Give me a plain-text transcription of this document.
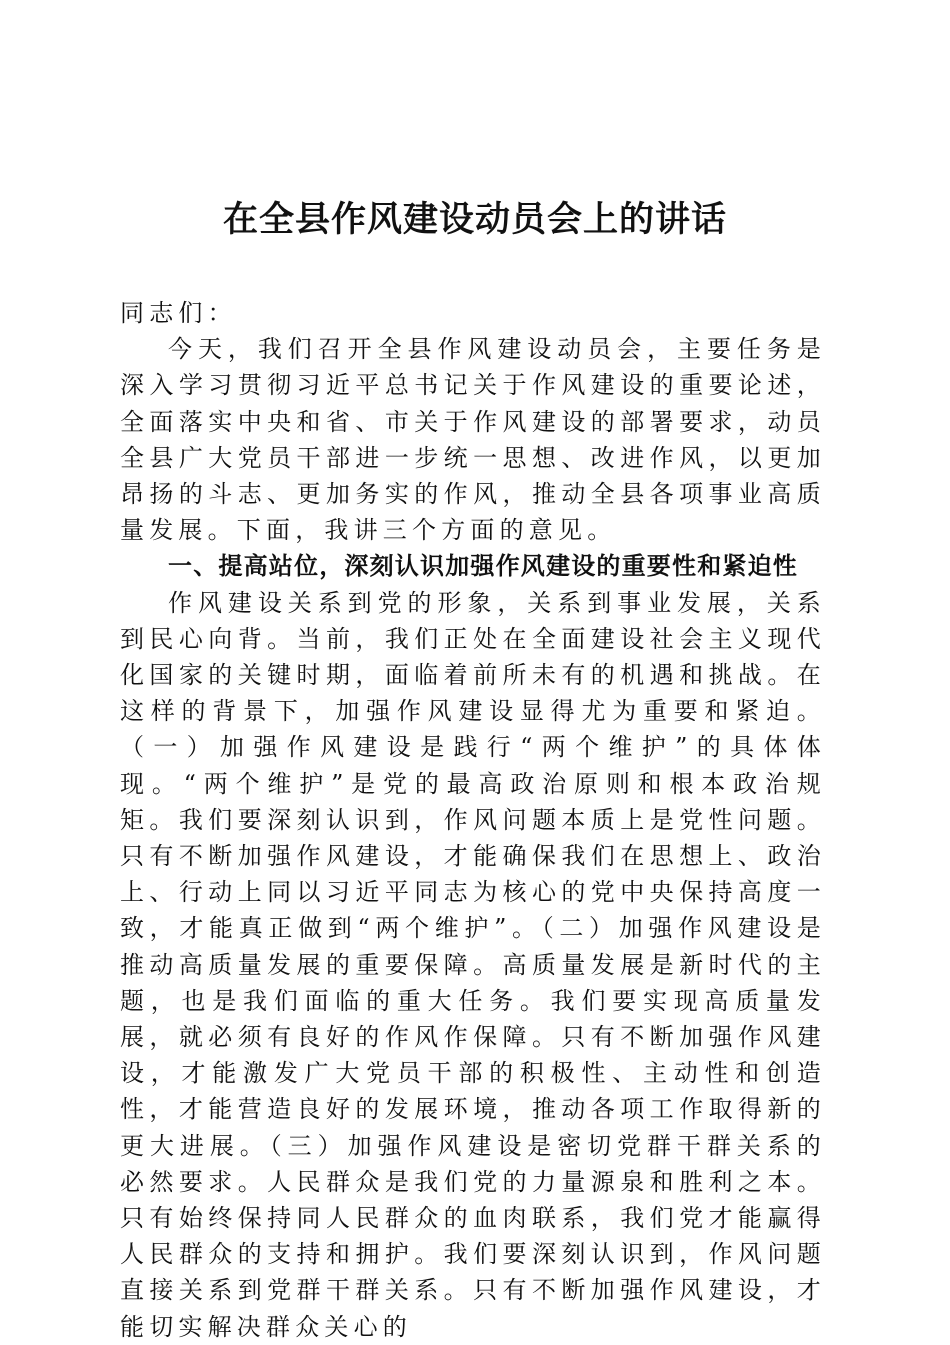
在全县作风建设动员会上的讲话

同志们：

今天，我们召开全县作风建设动员会，主要任务是深入学习贯彻习近平总书记关于作风建设的重要论述，全面落实中央和省、市关于作风建设的部署要求，动员全县广大党员干部进一步统一思想、改进作风，以更加昂扬的斗志、更加务实的作风，推动全县各项事业高质量发展。下面，我讲三个方面的意见。

一、提高站位，深刻认识加强作风建设的重要性和紧迫性

作风建设关系到党的形象，关系到事业发展，关系到民心向背。当前，我们正处在全面建设社会主义现代化国家的关键时期，面临着前所未有的机遇和挑战。在这样的背景下，加强作风建设显得尤为重要和紧迫。（一）加强作风建设是践行“两个维护”的具体体现。“两个维护”是党的最高政治原则和根本政治规矩。我们要深刻认识到，作风问题本质上是党性问题。只有不断加强作风建设，才能确保我们在思想上、政治上、行动上同以习近平同志为核心的党中央保持高度一致，才能真正做到“两个维护”。（二）加强作风建设是推动高质量发展的重要保障。高质量发展是新时代的主题，也是我们面临的重大任务。我们要实现高质量发展，就必须有良好的作风作保障。只有不断加强作风建设，才能激发广大党员干部的积极性、主动性和创造性，才能营造良好的发展环境，推动各项工作取得新的更大进展。（三）加强作风建设是密切党群干群关系的必然要求。人民群众是我们党的力量源泉和胜利之本。只有始终保持同人民群众的血肉联系，我们党才能赢得人民群众的支持和拥护。我们要深刻认识到，作风问题直接关系到党群干群关系。只有不断加强作风建设，才能切实解决群众关心的
